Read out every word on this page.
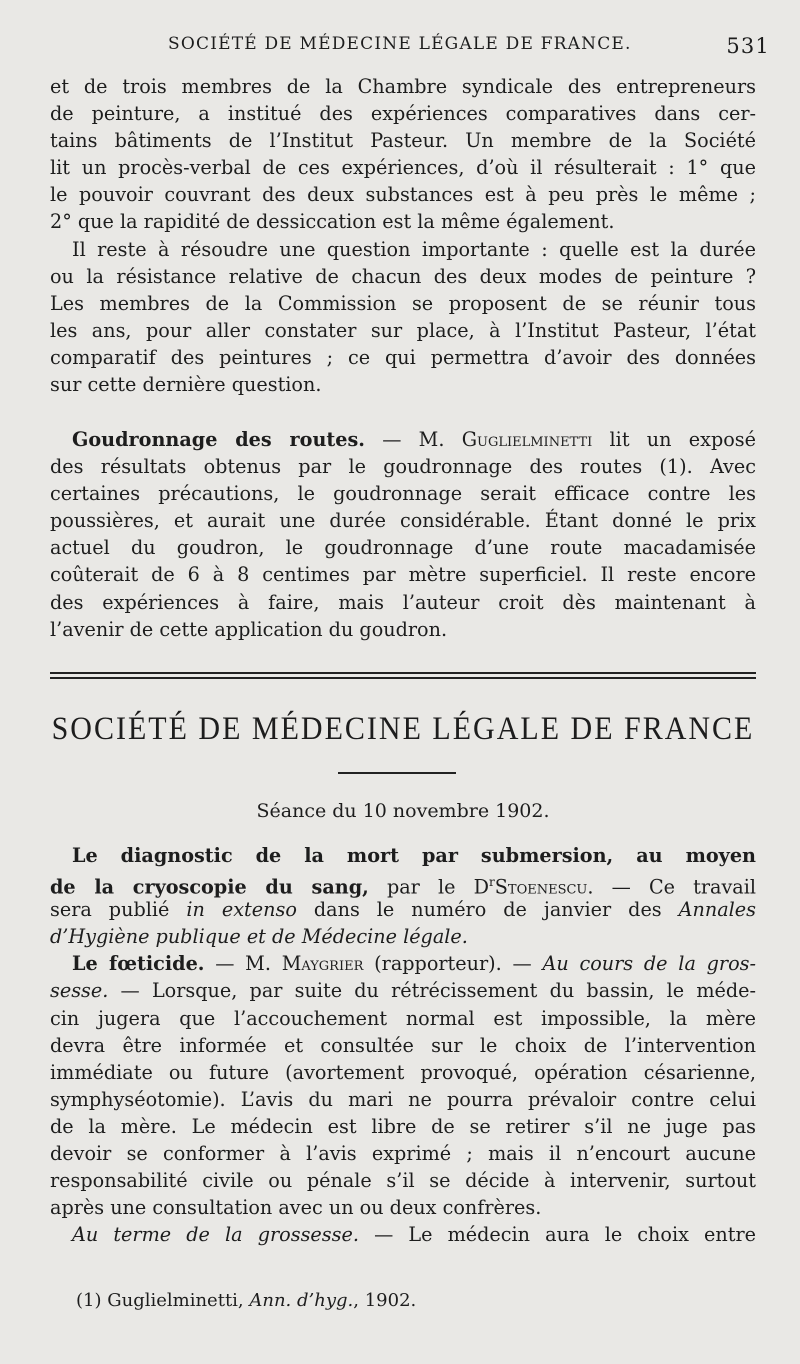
SOCIÉTÉ DE MÉDECINE LÉGALE DE FRANCE.	531
et de trois membres de la Chambre syndicale des entrepreneurs
de peinture, a institué des expériences comparatives dans cer-
tains bâtiments de l’Institut Pasteur. Un membre de la Société
lit un procès-verbal de ces expériences, d’où il résulterait : 1° que
le pouvoir couvrant des deux substances est à peu près le même ;
2° que la rapidité de dessiccation est la même également.
Il reste à résoudre une question importante : quelle est la durée
ou la résistance relative de chacun des deux modes de peinture ?
Les membres de la Commission se proposent de se réunir tous
les ans, pour aller constater sur place, à l’Institut Pasteur, l’état
comparatif des peintures ; ce qui permettra d’avoir des données
sur cette dernière question.
Goudronnage des routes. — M. Guglielminetti lit un exposé
des résultats obtenus par le goudronnage des routes (1). Avec
certaines précautions, le goudronnage serait efficace contre les
poussières, et aurait une durée considérable. Étant donné le prix
actuel du goudron, le goudronnage d’une route macadamisée
coûterait de 6 à 8 centimes par mètre superficiel. Il reste encore
des expériences à faire, mais l’auteur croit dès maintenant à
l’avenir de cette application du goudron.
SOCIÉTÉ DE MÉDECINE LÉGALE DE FRANCE
Séance du 10 novembre 1902.
Le diagnostic de la mort par submersion, au moyen
de la cryoscopie du sang, par le $D^rStoenescu$. — Ce travail
sera publié in extenso dans le numéro de janvier des Annales
d’Hygiène publique et de Médecine légale.
Le fœticide. — M. Maygrier (rapporteur). — Au cours de la gros-
sesse. — Lorsque, par suite du rétrécissement du bassin, le méde-
cin jugera que l’accouchement normal est impossible, la mère
devra être informée et consultée sur le choix de l’intervention
immédiate ou future (avortement provoqué, opération césarienne,
symphyséotomie). L’avis du mari ne pourra prévaloir contre celui
de la mère. Le médecin est libre de se retirer s’il ne juge pas
devoir se conformer à l’avis exprimé ; mais il n’encourt aucune
responsabilité civile ou pénale s’il se décide à intervenir, surtout
après une consultation avec un ou deux confrères.
Au terme de la grossesse. — Le médecin aura le choix entre
(1) Guglielminetti, Ann. d’hyg., 1902.
